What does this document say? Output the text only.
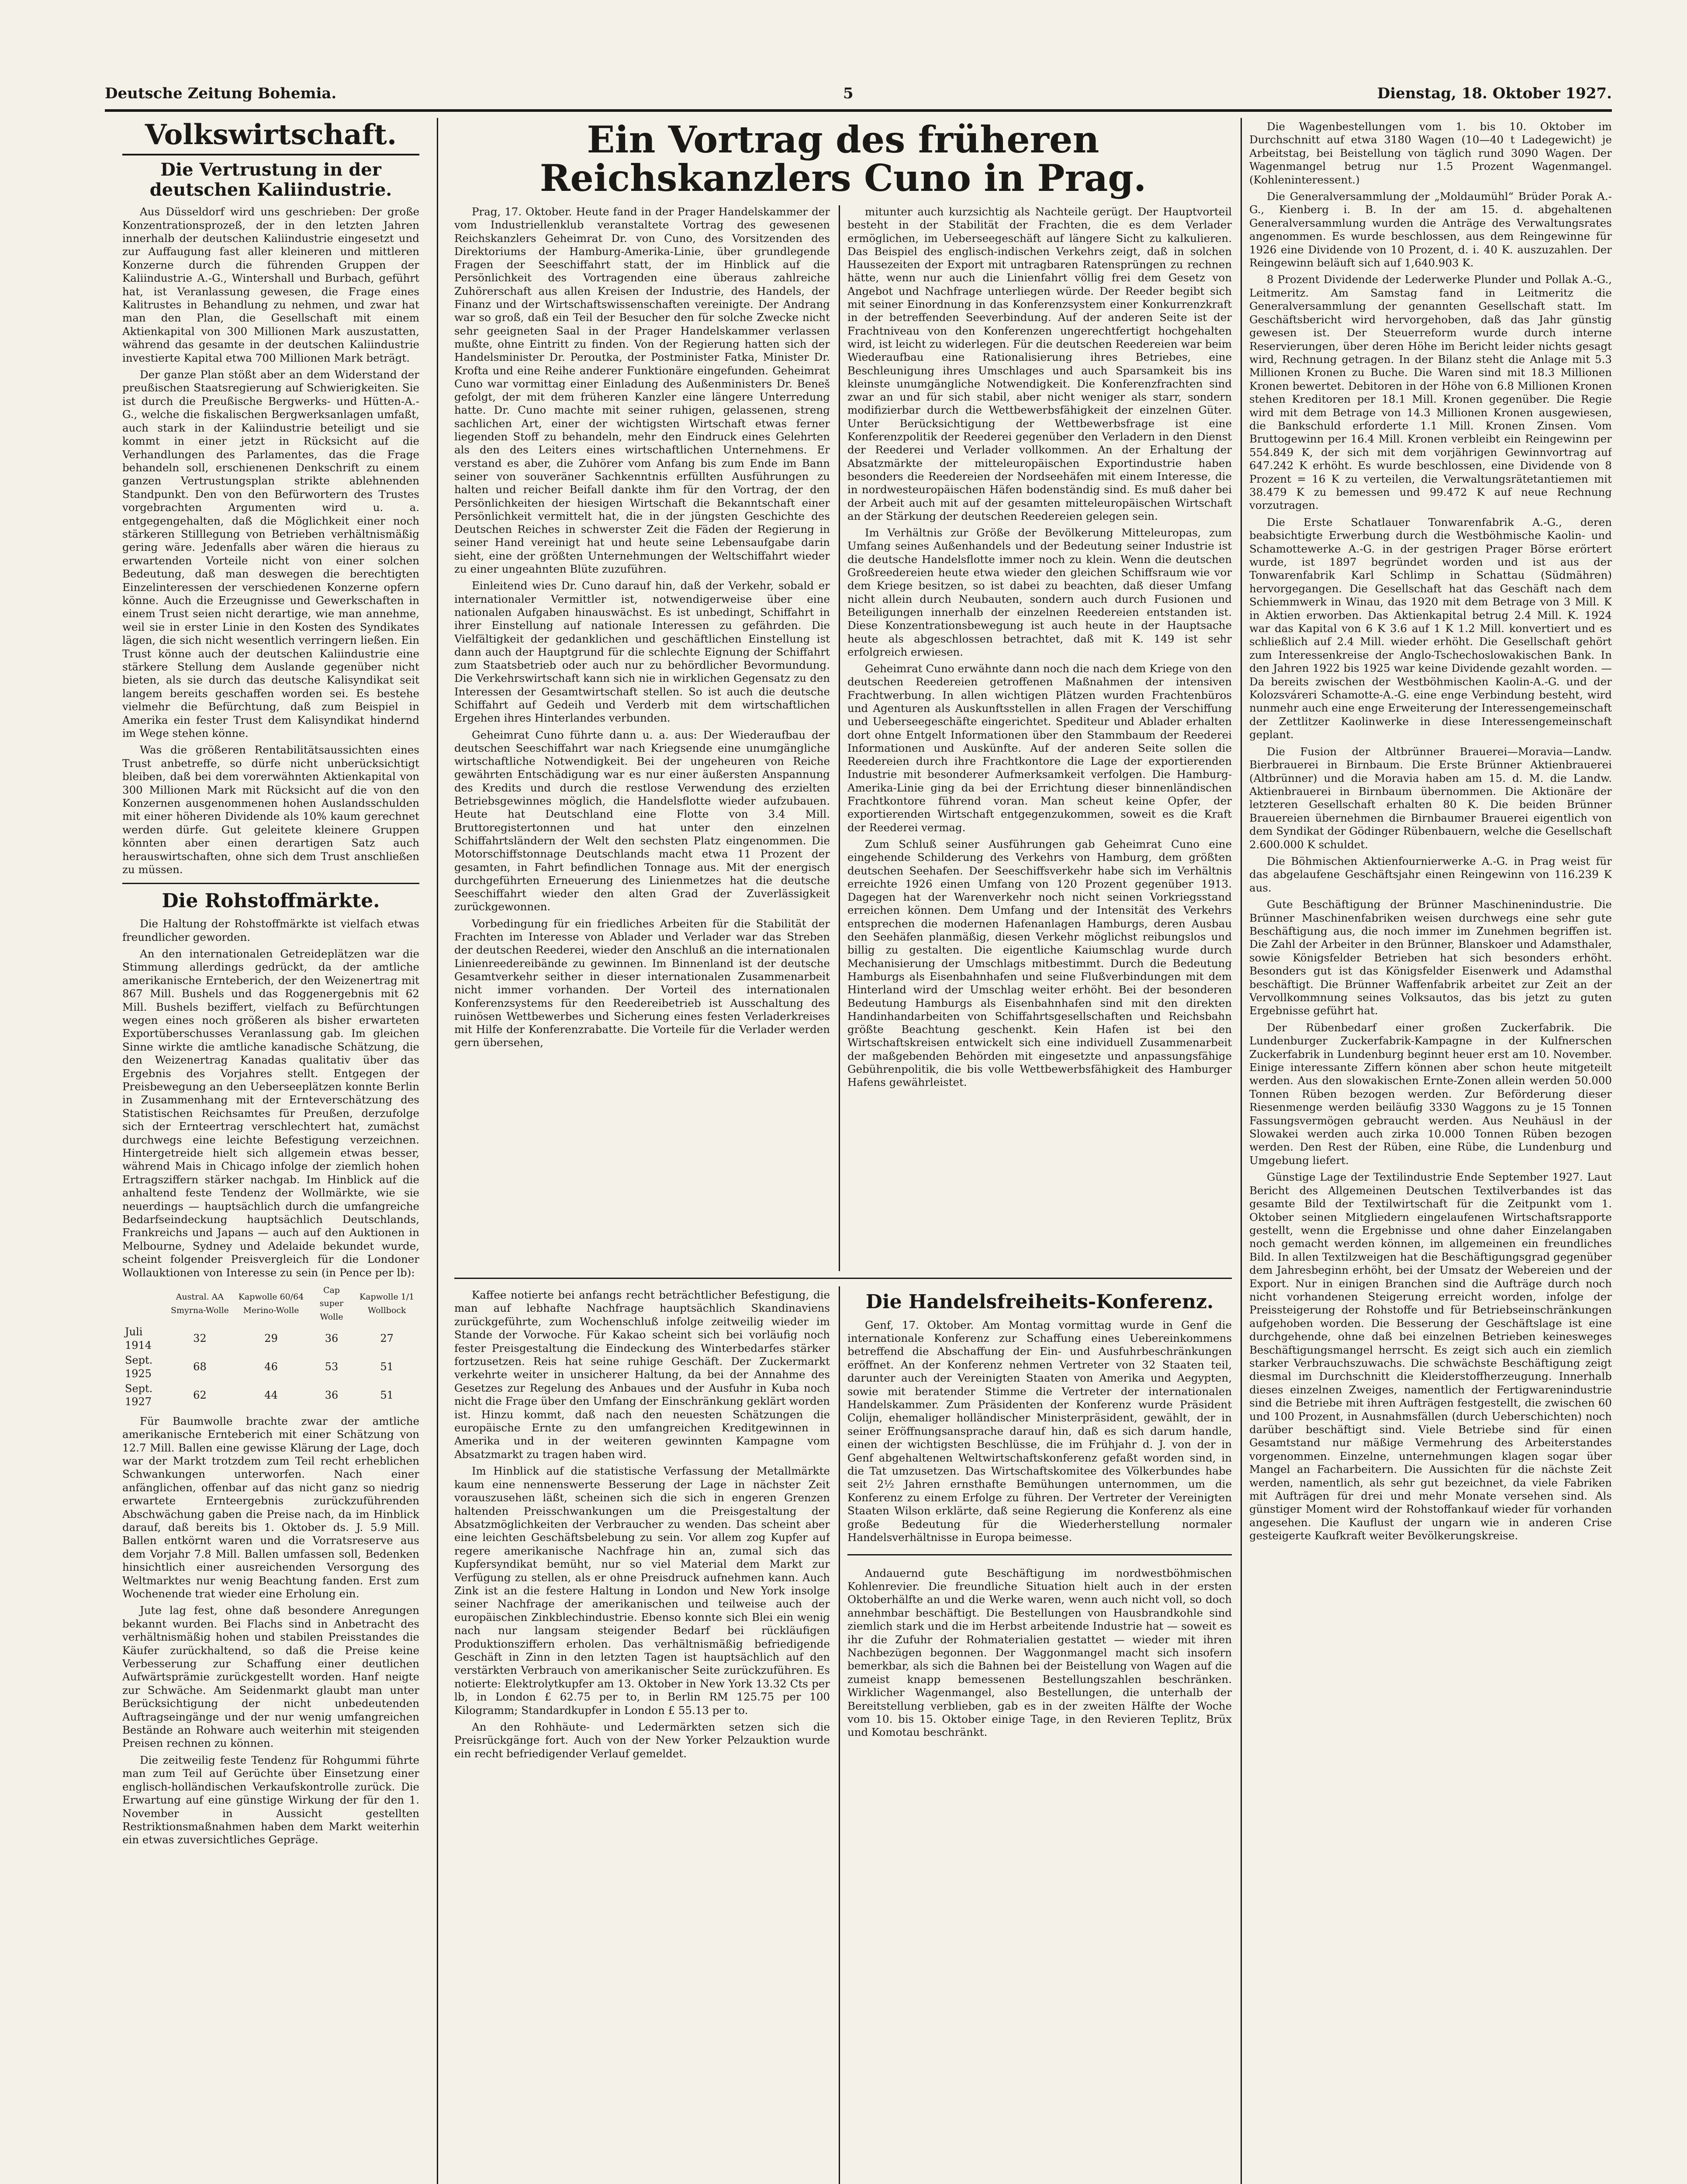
Deutsche Zeitung Bohemia.	5	Dienstag, 18. Oktober 1927.
Volkswirtschaft.
Die Vertrustung in der deutschen Kaliindustrie.

Aus Düsseldorf wird uns geschrieben: Der große Konzentrationsprozeß, der in den letzten Jahren innerhalb der deutschen Kaliindustrie eingesetzt und zur Auffaugung fast aller kleineren und mittleren Konzerne durch die führenden Gruppen der Kaliindustrie A.-G., Wintershall und Burbach, geführt hat, ist Veranlassung gewesen, die Frage eines Kalitrustes in Behandlung zu nehmen, und zwar hat man den Plan, die Gesellschaft mit einem Aktienkapital von 300 Millionen Mark auszustatten, während das gesamte in der deutschen Kaliindustrie investierte Kapital etwa 700 Millionen Mark beträgt.

Der ganze Plan stößt aber an dem Widerstand der preußischen Staatsregierung auf Schwierigkeiten. Sie ist durch die Preußische Bergwerks- und Hütten-A.-G., welche die fiskalischen Bergwerksanlagen umfaßt, auch stark in der Kaliindustrie beteiligt und sie kommt in einer jetzt in Rücksicht auf die Verhandlungen des Parlamentes, das die Frage behandeln soll, erschienenen Denkschrift zu einem ganzen Vertrustungsplan strikte ablehnenden Standpunkt. Den von den Befürwortern des Trustes vorgebrachten Argumenten wird u. a. entgegengehalten, daß die Möglichkeit einer noch stärkeren Stilllegung von Betrieben verhältnismäßig gering wäre. Jedenfalls aber wären die hieraus zu erwartenden Vorteile nicht von einer solchen Bedeutung, daß man deswegen die berechtigten Einzelinteressen der verschiedenen Konzerne opfern könne. Auch die Erzeugnisse und Gewerkschaften in einem Trust seien nicht derartige, wie man annehme, weil sie in erster Linie in den Kosten des Syndikates lägen, die sich nicht wesentlich verringern ließen. Ein Trust könne auch der deutschen Kaliindustrie eine stärkere Stellung dem Auslande gegenüber nicht bieten, als sie durch das deutsche Kalisyndikat seit langem bereits geschaffen worden sei. Es bestehe vielmehr die Befürchtung, daß zum Beispiel in Amerika ein fester Trust dem Kalisyndikat hindernd im Wege stehen könne.

Was die größeren Rentabilitätsaussichten eines Trust anbetreffe, so dürfe nicht unberücksichtigt bleiben, daß bei dem vorerwähnten Aktienkapital von 300 Millionen Mark mit Rücksicht auf die von den Konzernen ausgenommenen hohen Auslandsschulden mit einer höheren Dividende als 10% kaum gerechnet werden dürfe. Gut geleitete kleinere Gruppen könnten aber einen derartigen Satz auch herauswirtschaften, ohne sich dem Trust anschließen zu müssen.

Die Rohstoffmärkte.

Die Haltung der Rohstoffmärkte ist vielfach etwas freundlicher geworden.

An den internationalen Getreideplätzen war die Stimmung allerdings gedrückt, da der amtliche amerikanische Ernteberich, der den Weizenertrag mit 867 Mill. Bushels und das Roggenergebnis mit 62 Mill. Bushels beziffert, vielfach zu Befürchtungen wegen eines noch größeren als bisher erwarteten Exportüberschusses Veranlassung gab. Im gleichen Sinne wirkte die amtliche kanadische Schätzung, die den Weizenertrag Kanadas qualitativ über das Ergebnis des Vorjahres stellt. Entgegen der Preisbewegung an den Ueberseeplätzen konnte Berlin in Zusammenhang mit der Ernteverschätzung des Statistischen Reichsamtes für Preußen, derzufolge sich der Ernteertrag verschlechtert hat, zumächst durchwegs eine leichte Befestigung verzeichnen. Hintergetreide hielt sich allgemein etwas besser, während Mais in Chicago infolge der ziemlich hohen Ertragsziffern stärker nachgab. Im Hinblick auf die anhaltend feste Tendenz der Wollmärkte, wie sie neuerdings — hauptsächlich durch die umfangreiche Bedarfseindeckung hauptsächlich Deutschlands, Frankreichs und Japans — auch auf den Auktionen in Melbourne, Sydney und Adelaide bekundet wurde, scheint folgender Preisvergleich für die Londoner Wollauktionen von Interesse zu sein (in Pence per lb):

	Austral. AA Smyrna-Wolle	Kapwolle 60/64 Merino-Wolle	Cap super Wolle	Kapwolle 1/1 Wollbock
Juli 1914	32	29	36	27
Sept. 1925	68	46	53	51
Sept. 1927	62	44	36	51

Für Baumwolle brachte zwar der amtliche amerikanische Ernteberich mit einer Schätzung von 12.7 Mill. Ballen eine gewisse Klärung der Lage, doch war der Markt trotzdem zum Teil recht erheblichen Schwankungen unterworfen. Nach einer anfänglichen, offenbar auf das nicht ganz so niedrig erwartete Ernteergebnis zurückzuführenden Abschwächung gaben die Preise nach, da im Hinblick darauf, daß bereits bis 1. Oktober ds. J. 5.9 Mill. Ballen entkörnt waren und die Vorratsreserve aus dem Vorjahr 7.8 Mill. Ballen umfassen soll, Bedenken hinsichtlich einer ausreichenden Versorgung des Weltmarktes nur wenig Beachtung fanden. Erst zum Wochenende trat wieder eine Erholung ein.

Jute lag fest, ohne daß besondere Anregungen bekannt wurden. Bei Flachs sind in Anbetracht des verhältnismäßig hohen und stabilen Preisstandes die Käufer zurückhaltend, so daß die Preise keine Verbesserung zur Schaffung einer deutlichen Aufwärtsprämie zurückgestellt worden. Hanf neigte zur Schwäche. Am Seidenmarkt glaubt man unter Berücksichtigung der nicht unbedeutenden Auftragseingänge und der nur wenig umfangreichen Bestände an Rohware auch weiterhin mit steigenden Preisen rechnen zu können.

Die zeitweilig feste Tendenz für Rohgummi führte man zum Teil auf Gerüchte über Einsetzung einer englisch-holländischen Verkaufskontrolle zurück. Die Erwartung auf eine günstige Wirkung der für den 1. November in Aussicht gestellten Restriktionsmaßnahmen haben dem Markt weiterhin ein etwas zuversichtliches Gepräge.

Ein Vortrag des früheren Reichskanzlers Cuno in Prag.

Prag, 17. Oktober. Heute fand in der Prager Handelskammer der vom Industriellenklub veranstaltete Vortrag des gewesenen Reichskanzlers Geheimrat Dr. von Cuno, des Vorsitzenden des Direktoriums der Hamburg-Amerika-Linie, über grundlegende Fragen der Seeschiffahrt statt, der im Hinblick auf die Persönlichkeit des Vortragenden eine überaus zahlreiche Zuhörerschaft aus allen Kreisen der Industrie, des Handels, der Finanz und der Wirtschaftswissenschaften vereinigte. Der Andrang war so groß, daß ein Teil der Besucher den für solche Zwecke nicht sehr geeigneten Saal in der Prager Handelskammer verlassen mußte, ohne Eintritt zu finden. Von der Regierung hatten sich der Handelsminister Dr. Peroutka, der Postminister Fatka, Minister Dr. Krofta und eine Reihe anderer Funktionäre eingefunden. Geheimrat Cuno war vormittag einer Einladung des Außenministers Dr. Beneš gefolgt, der mit dem früheren Kanzler eine längere Unterredung hatte. Dr. Cuno machte mit seiner ruhigen, gelassenen, streng sachlichen Art, einer der wichtigsten Wirtschaft etwas ferner liegenden Stoff zu behandeln, mehr den Eindruck eines Gelehrten als den des Leiters eines wirtschaftlichen Unternehmens. Er verstand es aber, die Zuhörer vom Anfang bis zum Ende im Bann seiner von souveräner Sachkenntnis erfüllten Ausführungen zu halten und reicher Beifall dankte ihm für den Vortrag, der den Persönlichkeiten der hiesigen Wirtschaft die Bekanntschaft einer Persönlichkeit vermittelt hat, die in der jüngsten Geschichte des Deutschen Reiches in schwerster Zeit die Fäden der Regierung in seiner Hand vereinigt hat und heute seine Lebensaufgabe darin sieht, eine der größten Unternehmungen der Weltschiffahrt wieder zu einer ungeahnten Blüte zuzuführen.

Einleitend wies Dr. Cuno darauf hin, daß der Verkehr, sobald er internationaler Vermittler ist, notwendigerweise über eine nationalen Aufgaben hinauswächst. Es ist unbedingt, Schiffahrt in ihrer Einstellung auf nationale Interessen zu gefährden. Die Vielfältigkeit der gedanklichen und geschäftlichen Einstellung ist dann auch der Hauptgrund für die schlechte Eignung der Schiffahrt zum Staatsbetrieb oder auch nur zu behördlicher Bevormundung. Die Verkehrswirtschaft kann sich nie in wirklichen Gegensatz zu den Interessen der Gesamtwirtschaft stellen. So ist auch die deutsche Schiffahrt auf Gedeih und Verderb mit dem wirtschaftlichen Ergehen ihres Hinterlandes verbunden.

Geheimrat Cuno führte dann u. a. aus: Der Wiederaufbau der deutschen Seeschiffahrt war nach Kriegsende eine unumgängliche wirtschaftliche Notwendigkeit. Bei der ungeheuren von Reiche gewährten Entschädigung war es nur einer äußersten Anspannung des Kredits und durch die restlose Verwendung des erzielten Betriebsgewinnes möglich, die Handelsflotte wieder aufzubauen. Heute hat Deutschland eine Flotte von 3.4 Mill. Bruttoregistertonnen und hat unter den einzelnen Schiffahrtsländern der Welt den sechsten Platz eingenommen. Die Motorschiffstonnage Deutschlands macht etwa 11 Prozent der gesamten, in Fahrt befindlichen Tonnage aus. Mit der energisch durchgeführten Erneuerung des Linienmetzes hat die deutsche Seeschiffahrt wieder den alten Grad der Zuverlässigkeit zurückgewonnen.

Vorbedingung für ein friedliches Arbeiten für die Stabilität der Frachten im Interesse von Ablader und Verlader war das Streben der deutschen Reederei, wieder den Anschluß an die internationalen Linienreedereibände zu gewinnen. Im Binnenland ist der deutsche Gesamtverkehr seither in dieser internationalen Zusammenarbeit nicht immer vorhanden. Der Vorteil des internationalen Konferenzsystems für den Reedereibetrieb ist Ausschaltung des ruinösen Wettbewerbes und Sicherung eines festen Verladerkreises mit Hilfe der Konferenzrabatte. Die Vorteile für die Verlader werden gern übersehen,

mitunter auch kurzsichtig als Nachteile gerügt. Der Hauptvorteil besteht in der Stabilität der Frachten, die es dem Verlader ermöglichen, im Ueberseegeschäft auf längere Sicht zu kalkulieren. Das Beispiel des englisch-indischen Verkehrs zeigt, daß in solchen Haussezeiten der Export mit untragbaren Ratensprüngen zu rechnen hätte, wenn nur auch die Linienfahrt völlig frei dem Gesetz von Angebot und Nachfrage unterliegen würde. Der Reeder begibt sich mit seiner Einordnung in das Konferenzsystem einer Konkurrenzkraft in der betreffenden Seeverbindung. Auf der anderen Seite ist der Frachtniveau von den Konferenzen ungerechtfertigt hochgehalten wird, ist leicht zu widerlegen. Für die deutschen Reedereien war beim Wiederaufbau eine Rationalisierung ihres Betriebes, eine Beschleunigung ihres Umschlages und auch Sparsamkeit bis ins kleinste unumgängliche Notwendigkeit. Die Konferenzfrachten sind zwar an und für sich stabil, aber nicht weniger als starr, sondern modifizierbar durch die Wettbewerbsfähigkeit der einzelnen Güter. Unter Berücksichtigung der Wettbewerbsfrage ist eine Konferenzpolitik der Reederei gegenüber den Verladern in den Dienst der Reederei und Verlader vollkommen. An der Erhaltung der Absatzmärkte der mitteleuropäischen Exportindustrie haben besonders die Reedereien der Nordseehäfen mit einem Interesse, die in nordwesteuropäischen Häfen bodenständig sind. Es muß daher bei der Arbeit auch mit auf der gesamten mitteleuropäischen Wirtschaft an der Stärkung der deutschen Reedereien gelegen sein.

Im Verhältnis zur Größe der Bevölkerung Mitteleuropas, zum Umfang seines Außenhandels und der Bedeutung seiner Industrie ist die deutsche Handelsflotte immer noch zu klein. Wenn die deutschen Großreedereien heute etwa wieder den gleichen Schiffsraum wie vor dem Kriege besitzen, so ist dabei zu beachten, daß dieser Umfang nicht allein durch Neubauten, sondern auch durch Fusionen und Beteiligungen innerhalb der einzelnen Reedereien entstanden ist. Diese Konzentrationsbewegung ist auch heute in der Hauptsache heute als abgeschlossen betrachtet, daß mit K. 149 ist sehr erfolgreich erwiesen.

Geheimrat Cuno erwähnte dann noch die nach dem Kriege von den deutschen Reedereien getroffenen Maßnahmen der intensiven Frachtwerbung. In allen wichtigen Plätzen wurden Frachtenbüros und Agenturen als Auskunftsstellen in allen Fragen der Verschiffung und Ueberseegeschäfte eingerichtet. Spediteur und Ablader erhalten dort ohne Entgelt Informationen über den Stammbaum der Reederei Informationen und Auskünfte. Auf der anderen Seite sollen die Reedereien durch ihre Frachtkontore die Lage der exportierenden Industrie mit besonderer Aufmerksamkeit verfolgen. Die Hamburg-Amerika-Linie ging da bei der Errichtung dieser binnenländischen Frachtkontore führend voran. Man scheut keine Opfer, der exportierenden Wirtschaft entgegenzukommen, soweit es die Kraft der Reederei vermag.

Zum Schluß seiner Ausführungen gab Geheimrat Cuno eine eingehende Schilderung des Verkehrs von Hamburg, dem größten deutschen Seehafen. Der Seeschiffsverkehr habe sich im Verhältnis erreichte 1926 einen Umfang von 120 Prozent gegenüber 1913. Dagegen hat der Warenverkehr noch nicht seinen Vorkriegsstand erreichen können. Dem Umfang und der Intensität des Verkehrs entsprechen die modernen Hafenanlagen Hamburgs, deren Ausbau den Seehäfen planmäßig, diesen Verkehr möglichst reibungslos und billig zu gestalten. Die eigentliche Kaiumschlag wurde durch Mechanisierung der Umschlags mitbestimmt. Durch die Bedeutung Hamburgs als Eisenbahnhafen und seine Flußverbindungen mit dem Hinterland wird der Umschlag weiter erhöht. Bei der besonderen Bedeutung Hamburgs als Eisenbahnhafen sind mit den direkten Handinhandarbeiten von Schiffahrtsgesellschaften und Reichsbahn größte Beachtung geschenkt. Kein Hafen ist bei den Wirtschaftskreisen entwickelt sich eine individuell Zusammenarbeit der maßgebenden Behörden mit eingesetzte und anpassungsfähige Gebührenpolitik, die bis volle Wettbewerbsfähigkeit des Hamburger Hafens gewährleistet.

Kaffee notierte bei anfangs recht beträchtlicher Befestigung, die man auf lebhafte Nachfrage hauptsächlich Skandinaviens zurückgeführte, zum Wochenschluß infolge zeitweilig wieder im Stande der Vorwoche. Für Kakao scheint sich bei vorläufig noch fester Preisgestaltung die Eindeckung des Winterbedarfes stärker fortzusetzen. Reis hat seine ruhige Geschäft. Der Zuckermarkt verkehrte weiter in unsicherer Haltung, da bei der Annahme des Gesetzes zur Regelung des Anbaues und der Ausfuhr in Kuba noch nicht die Frage über den Umfang der Einschränkung geklärt worden ist. Hinzu kommt, daß nach den neuesten Schätzungen die europäische Ernte zu den umfangreichen Kreditgewinnen in Amerika und in der weiteren gewinnten Kampagne vom Absatzmarkt zu tragen haben wird.

Im Hinblick auf die statistische Verfassung der Metallmärkte kaum eine nennenswerte Besserung der Lage in nächster Zeit vorauszusehen läßt, scheinen sich die sich in engeren Grenzen haltenden Preisschwankungen um die Preisgestaltung der Absatzmöglichkeiten der Verbraucher zu wenden. Das scheint aber eine leichten Geschäftsbelebung zu sein. Vor allem zog Kupfer auf regere amerikanische Nachfrage hin an, zumal sich das Kupfersyndikat bemüht, nur so viel Material dem Markt zur Verfügung zu stellen, als er ohne Preisdruck aufnehmen kann. Auch Zink ist an die festere Haltung in London und New York insolge seiner Nachfrage der amerikanischen und teilweise auch der europäischen Zinkblechindustrie. Ebenso konnte sich Blei ein wenig nach nur langsam steigender Bedarf bei rückläufigen Produktionsziffern erholen. Das verhältnismäßig befriedigende Geschäft in Zinn in den letzten Tagen ist hauptsächlich auf den verstärkten Verbrauch von amerikanischer Seite zurückzuführen. Es notierte: Elektrolytkupfer am 13. Oktober in New York 13.32 Cts per lb, in London £ 62.75 per to, in Berlin RM 125.75 per 100 Kilogramm; Standardkupfer in London £ 55.13 per to.

An den Rohhäute- und Ledermärkten setzen sich die Preisrückgänge fort. Auch von der New Yorker Pelzauktion wurde ein recht befriedigender Verlauf gemeldet.

Die Handelsfreiheits-Konferenz.

Genf, 17. Oktober. Am Montag vormittag wurde in Genf die internationale Konferenz zur Schaffung eines Uebereinkommens betreffend die Abschaffung der Ein- und Ausfuhrbeschränkungen eröffnet. An der Konferenz nehmen Vertreter von 32 Staaten teil, darunter auch der Vereinigten Staaten von Amerika und Aegypten, sowie mit beratender Stimme die Vertreter der internationalen Handelskammer. Zum Präsidenten der Konferenz wurde Präsident Colijn, ehemaliger holländischer Ministerpräsident, gewählt, der in seiner Eröffnungsansprache darauf hin, daß es sich darum handle, einen der wichtigsten Beschlüsse, die im Frühjahr d. J. von der in Genf abgehaltenen Weltwirtschaftskonferenz gefaßt worden sind, in die Tat umzusetzen. Das Wirtschaftskomitee des Völkerbundes habe seit 2½ Jahren ernsthafte Bemühungen unternommen, um die Konferenz zu einem Erfolge zu führen. Der Vertreter der Vereinigten Staaten Wilson erklärte, daß seine Regierung die Konferenz als eine große Bedeutung für die Wiederherstellung normaler Handelsverhältnisse in Europa beimesse.

Andauernd gute Beschäftigung im nordwestböhmischen Kohlenrevier. Die freundliche Situation hielt auch in der ersten Oktoberhälfte an und die Werke waren, wenn auch nicht voll, so doch annehmbar beschäftigt. Die Bestellungen von Hausbrandkohle sind ziemlich stark und die im Herbst arbeitende Industrie hat — soweit es ihr die Zufuhr der Rohmaterialien gestattet — wieder mit ihren Nachbezügen begonnen. Der Waggonmangel macht sich insofern bemerkbar, als sich die Bahnen bei der Beistellung von Wagen auf die zumeist knapp bemessenen Bestellungszahlen beschränken. Wirklicher Wagenmangel, also Bestellungen, die unterhalb der Bereitstellung verblieben, gab es in der zweiten Hälfte der Woche vom 10. bis 15. Oktober einige Tage, in den Revieren Teplitz, Brüx und Komotau beschränkt.

Die Wagenbestellungen vom 1. bis 10. Oktober im Durchschnitt auf etwa 3180 Wagen (10—40 t Ladegewicht) je Arbeitstag, bei Beistellung von täglich rund 3090 Wagen. Der Wagenmangel betrug nur 1.5 Prozent Wagenmangel. (Kohleninteressent.)

Die Generalversammlung der „Moldaumühl“ Brüder Porak A.-G., Kienberg i. B. In der am 15. d. abgehaltenen Generalversammlung wurden die Anträge des Verwaltungsrates angenommen. Es wurde beschlossen, aus dem Reingewinne für 1926 eine Dividende von 10 Prozent, d. i. 40 K. auszuzahlen. Der Reingewinn beläuft sich auf 1,640.903 K.

8 Prozent Dividende der Lederwerke Plunder und Pollak A.-G., Leitmeritz. Am Samstag fand in Leitmeritz die Generalversammlung der genannten Gesellschaft statt. Im Geschäftsbericht wird hervorgehoben, daß das Jahr günstig gewesen ist. Der Steuerreform wurde durch interne Reservierungen, über deren Höhe im Bericht leider nichts gesagt wird, Rechnung getragen. In der Bilanz steht die Anlage mit 5.3 Millionen Kronen zu Buche. Die Waren sind mit 18.3 Millionen Kronen bewertet. Debitoren in der Höhe von 6.8 Millionen Kronen stehen Kreditoren per 18.1 Mill. Kronen gegenüber. Die Regie wird mit dem Betrage von 14.3 Millionen Kronen ausgewiesen, die Bankschuld erforderte 1.1 Mill. Kronen Zinsen. Vom Bruttogewinn per 16.4 Mill. Kronen verbleibt ein Reingewinn per 554.849 K, der sich mit dem vorjährigen Gewinnvortrag auf 647.242 K erhöht. Es wurde beschlossen, eine Dividende von 8 Prozent = 16 K zu verteilen, die Verwaltungsrätetantiemen mit 38.479 K zu bemessen und 99.472 K auf neue Rechnung vorzutragen.

Die Erste Schatlauer Tonwarenfabrik A.-G., deren beabsichtigte Erwerbung durch die Westböhmische Kaolin- und Schamottewerke A.-G. in der gestrigen Prager Börse erörtert wurde, ist 1897 begründet worden und ist aus der Tonwarenfabrik Karl Schlimp in Schattau (Südmähren) hervorgegangen. Die Gesellschaft hat das Geschäft nach dem Schiemmwerk in Winau, das 1920 mit dem Betrage von 3 Mill. K in Aktien erworben. Das Aktienkapital betrug 2.4 Mill. K. 1924 war das Kapital von 6 K 3.6 auf 1 K 1.2 Mill. konvertiert und es schließlich auf 2.4 Mill. wieder erhöht. Die Gesellschaft gehört zum Interessenkreise der Anglo-Tschechoslowakischen Bank. In den Jahren 1922 bis 1925 war keine Dividende gezahlt worden. — Da bereits zwischen der Westböhmischen Kaolin-A.-G. und der Kolozsváreri Schamotte-A.-G. eine enge Verbindung besteht, wird nunmehr auch eine enge Erweiterung der Interessengemeinschaft der Zettlitzer Kaolinwerke in diese Interessengemeinschaft geplant.

Die Fusion der Altbrünner Brauerei—Moravia—Landw. Bierbrauerei in Birnbaum. Die Erste Brünner Aktienbrauerei (Altbrünner) und die Moravia haben am 15. d. M. die Landw. Aktienbrauerei in Birnbaum übernommen. Die Aktionäre der letzteren Gesellschaft erhalten 80 K. Die beiden Brünner Brauereien übernehmen die Birnbaumer Brauerei eigentlich von dem Syndikat der Gödinger Rübenbauern, welche die Gesellschaft 2.600.000 K schuldet.

Die Böhmischen Aktienfournierwerke A.-G. in Prag weist für das abgelaufene Geschäftsjahr einen Reingewinn von 116.239 K aus.

Gute Beschäftigung der Brünner Maschinenindustrie. Die Brünner Maschinenfabriken weisen durchwegs eine sehr gute Beschäftigung aus, die noch immer im Zunehmen begriffen ist. Die Zahl der Arbeiter in den Brünner, Blanskoer und Adamsthaler, sowie Königsfelder Betrieben hat sich besonders erhöht. Besonders gut ist das Königsfelder Eisenwerk und Adamsthal beschäftigt. Die Brünner Waffenfabrik arbeitet zur Zeit an der Vervollkommnung seines Volksautos, das bis jetzt zu guten Ergebnisse geführt hat.

Der Rübenbedarf einer großen Zuckerfabrik. Die Lundenburger Zuckerfabrik-Kampagne in der Kulfnerschen Zuckerfabrik in Lundenburg beginnt heuer erst am 10. November. Einige interessante Ziffern können aber schon heute mitgeteilt werden. Aus den slowakischen Ernte-Zonen allein werden 50.000 Tonnen Rüben bezogen werden. Zur Beförderung dieser Riesenmenge werden beiläufig 3330 Waggons zu je 15 Tonnen Fassungsvermögen gebraucht werden. Aus Neuhäusl in der Slowakei werden auch zirka 10.000 Tonnen Rüben bezogen werden. Den Rest der Rüben, eine Rübe, die Lundenburg und Umgebung liefert.

Günstige Lage der Textilindustrie Ende September 1927. Laut Bericht des Allgemeinen Deutschen Textilverbandes ist das gesamte Bild der Textilwirtschaft für die Zeitpunkt vom 1. Oktober seinen Mitgliedern eingelaufenen Wirtschaftsrapporte gestellt, wenn die Ergebnisse und ohne daher Einzelangaben noch gemacht werden können, im allgemeinen ein freundliches Bild. In allen Textilzweigen hat die Beschäftigungsgrad gegenüber dem Jahresbeginn erhöht, bei der Umsatz der Webereien und der Export. Nur in einigen Branchen sind die Aufträge durch noch nicht vorhandenen Steigerung erreicht worden, infolge der Preissteigerung der Rohstoffe und für Betriebseinschränkungen aufgehoben worden. Die Besserung der Geschäftslage ist eine durchgehende, ohne daß bei einzelnen Betrieben keinesweges Beschäftigungsmangel herrscht. Es zeigt sich auch ein ziemlich starker Verbrauchszuwachs. Die schwächste Beschäftigung zeigt diesmal im Durchschnitt die Kleiderstoffherzeugung. Innerhalb dieses einzelnen Zweiges, namentlich der Fertigwarenindustrie sind die Betriebe mit ihren Aufträgen festgestellt, die zwischen 60 und 100 Prozent, in Ausnahmsfällen (durch Ueberschichten) noch darüber beschäftigt sind. Viele Betriebe sind für einen Gesamtstand nur mäßige Vermehrung des Arbeiterstandes vorgenommen. Einzelne, unternehmungen klagen sogar über Mangel an Facharbeitern. Die Aussichten für die nächste Zeit werden, namentlich, als sehr gut bezeichnet, da viele Fabriken mit Aufträgen für drei und mehr Monate versehen sind. Als günstiger Moment wird der Rohstoffankauf wieder für vorhanden angesehen. Die Kauflust der ungarn wie in anderen Crise gesteigerte Kaufkraft weiter Bevölkerungskreise.
